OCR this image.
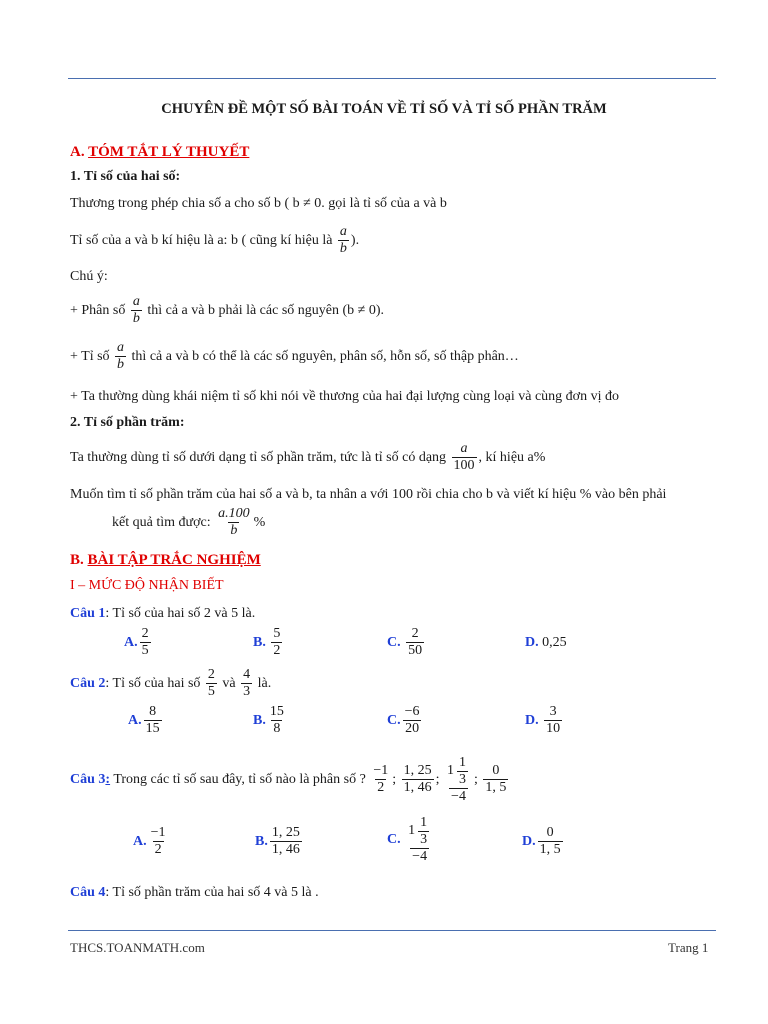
CHUYÊN ĐỀ MỘT SỐ BÀI TOÁN VỀ TỈ SỐ VÀ TỈ SỐ PHẦN TRĂM
A. TÓM TẮT LÝ THUYẾT
1. Tỉ số của hai số:
Thương trong phép chia số a cho số b ( b ≠ 0. gọi là tỉ số của a và b
Tỉ số của a và b kí hiệu là a: b ( cũng kí hiệu là $\frac{a}{b}$ ).
Chú ý:
+ Phân số $\frac{a}{b}$ thì cả a và b phải là các số nguyên (b ≠ 0).
+ Tỉ số $\frac{a}{b}$ thì cả a và b có thể là các số nguyên, phân số, hỗn số, số thập phân…
+ Ta thường dùng khái niệm tỉ số khi nói về thương của hai đại lượng cùng loại và cùng đơn vị đo
2. Tỉ số phần trăm:
Ta thường dùng tỉ số dưới dạng tỉ số phần trăm, tức là tỉ số có dạng $\frac{a}{100}$ , kí hiệu a%
Muốn tìm tỉ số phần trăm của hai số a và b, ta nhân a với 100 rồi chia cho b và viết kí hiệu % vào bên phải
kết quả tìm được: $\frac{a.100}{b}$ %
B. BÀI TẬP TRẮC NGHIỆM
I – MỨC ĐỘ NHẬN BIẾT
Câu 1: Tỉ số của hai số 2 và 5 là.
A. $\frac{2}{5}$	B. $\frac{5}{2}$	C. $\frac{2}{50}$	D. 0,25
Câu 2: Tỉ số của hai số $\frac{2}{5}$ và $\frac{4}{3}$ là.
A. $\frac{8}{15}$	B. $\frac{15}{8}$	C. $\frac{-6}{20}$	D. $\frac{3}{10}$
Câu 3: Trong các tỉ số sau đây, tỉ số nào là phân số ? $\frac{-1}{2}$ ; $\frac{1, 25}{1, 46}$ ; $\frac{1 \frac{1}{3}}{-4}$ ; $\frac{0}{1, 5}$
A. $\frac{-1}{2}$	B. $\frac{1, 25}{1, 46}$	C. $\frac{1 \frac{1}{3}}{-4}$	D. $\frac{0}{1, 5}$
Câu 4: Tỉ số phần trăm của hai số 4 và 5 là .
THCS.TOANMATH.com	Trang 1
